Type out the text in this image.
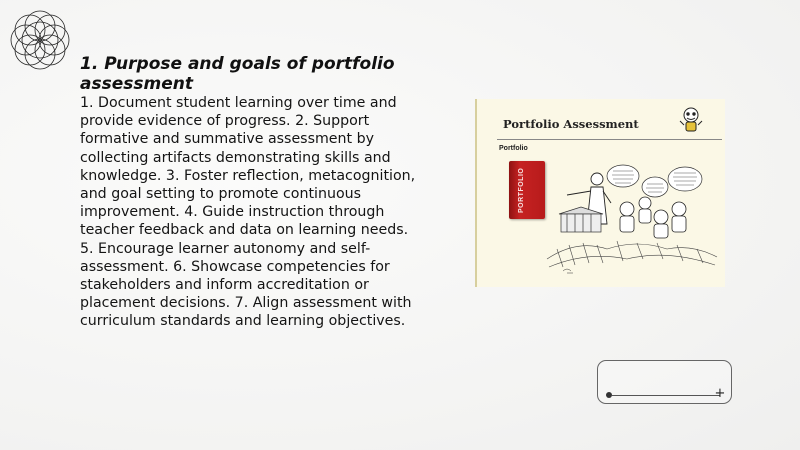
1. Purpose and goals of portfolio assessment
1. Document student learning over time and provide evidence of progress. 2. Support formative and summative assessment by collecting artifacts demonstrating skills and knowledge. 3. Foster reflection, metacognition, and goal setting to promote continuous improvement. 4. Guide instruction through teacher feedback and data on learning needs. 5. Encourage learner autonomy and self-assessment. 6. Showcase competencies for stakeholders and inform accreditation or placement decisions. 7. Align assessment with curriculum standards and learning objectives.
Portfolio Assessment
Portfolio
PORTFOLIO
+
